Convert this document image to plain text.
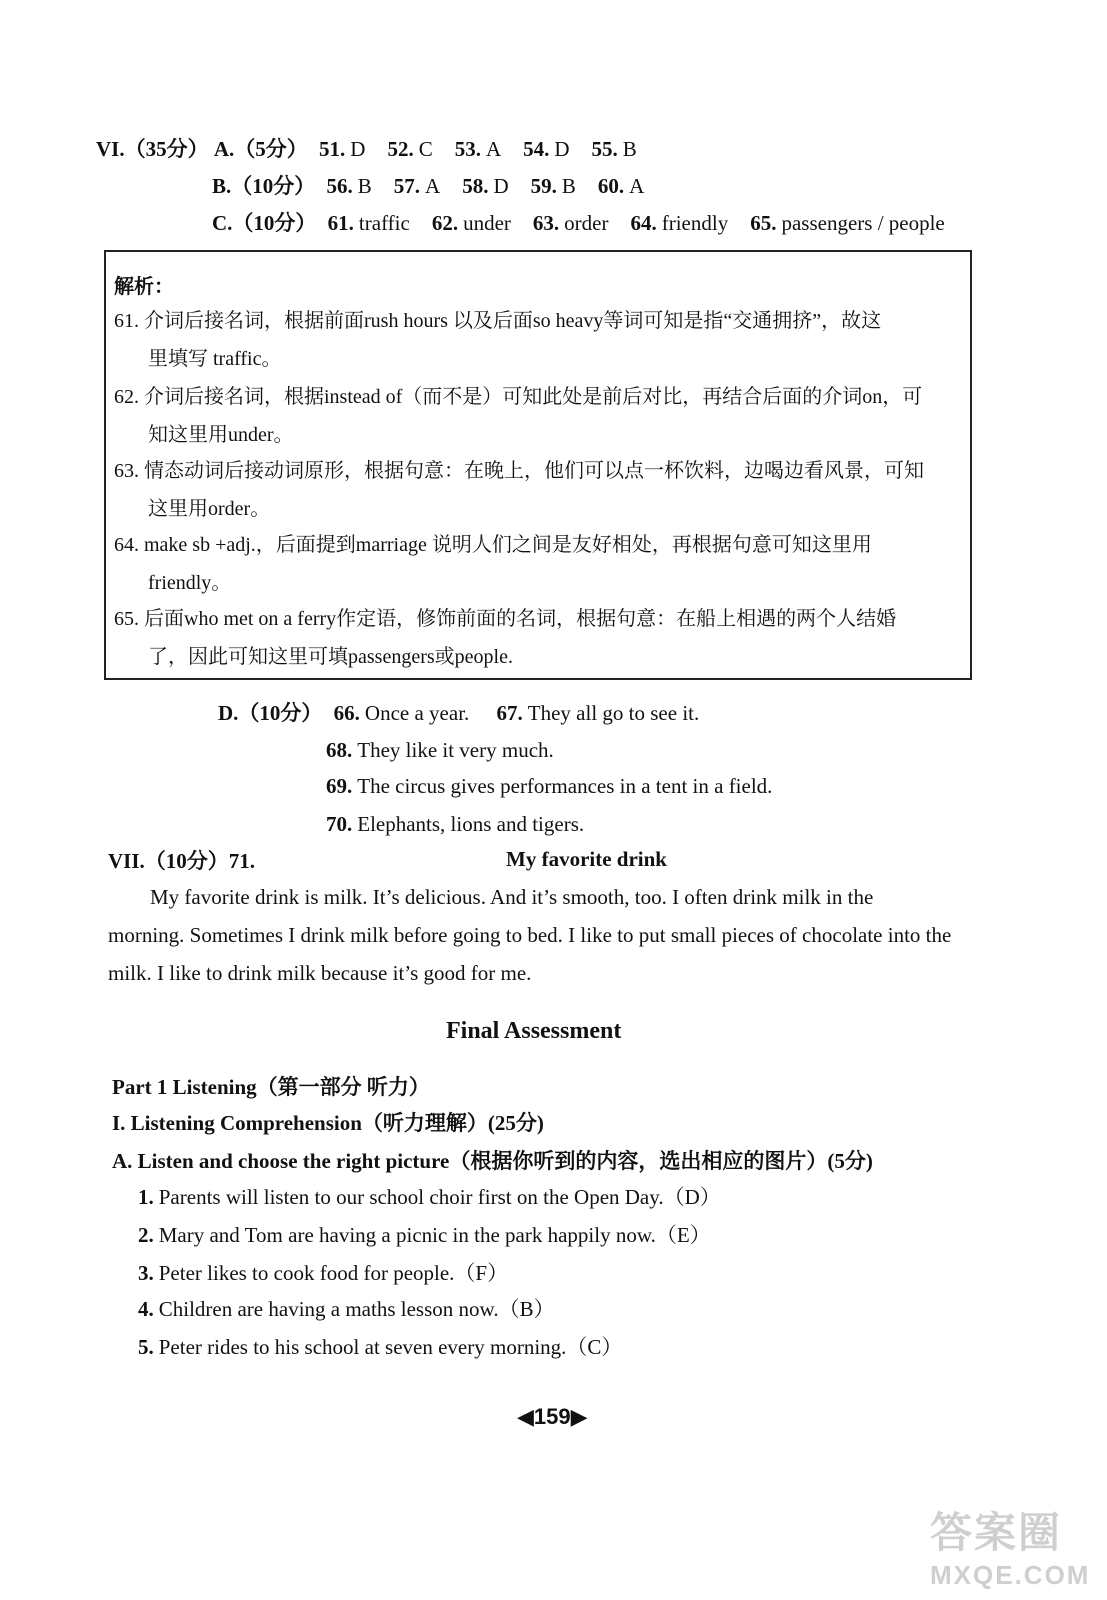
VI.（35分） A.（5分） 51. D 52. C 53. A 54. D 55. B
B.（10分） 56. B 57. A 58. D 59. B 60. A
C.（10分） 61. traffic 62. under 63. order 64. friendly 65. passengers / people
解析：
61. 介词后接名词，根据前面rush hours 以及后面so heavy等词可知是指“交通拥挤”，故这
里填写 traffic。
62. 介词后接名词，根据instead of（而不是）可知此处是前后对比，再结合后面的介词on，可
知这里用under。
63. 情态动词后接动词原形，根据句意：在晚上，他们可以点一杯饮料，边喝边看风景，可知
这里用order。
64. make sb +adj.，后面提到marriage 说明人们之间是友好相处，再根据句意可知这里用
friendly。
65. 后面who met on a ferry作定语，修饰前面的名词，根据句意：在船上相遇的两个人结婚
了，因此可知这里可填passengers或people.
D.（10分） 66. Once a year. 67. They all go to see it.
68. They like it very much.
69. The circus gives performances in a tent in a field.
70. Elephants, lions and tigers.
VII.（10分）71.	My favorite drink
My favorite drink is milk. It’s delicious. And it’s smooth, too. I often drink milk in the
morning. Sometimes I drink milk before going to bed. I like to put small pieces of chocolate into the
milk. I like to drink milk because it’s good for me.
Final Assessment
Part 1 Listening（第一部分 听力）
I. Listening Comprehension（听力理解）(25分)
A. Listen and choose the right picture（根据你听到的内容，选出相应的图片）(5分)
1. Parents will listen to our school choir first on the Open Day.（D）
2. Mary and Tom are having a picnic in the park happily now.（E）
3. Peter likes to cook food for people.（F）
4. Children are having a maths lesson now.（B）
5. Peter rides to his school at seven every morning.（C）
◀159▶
答案圈
MXQE.COM
